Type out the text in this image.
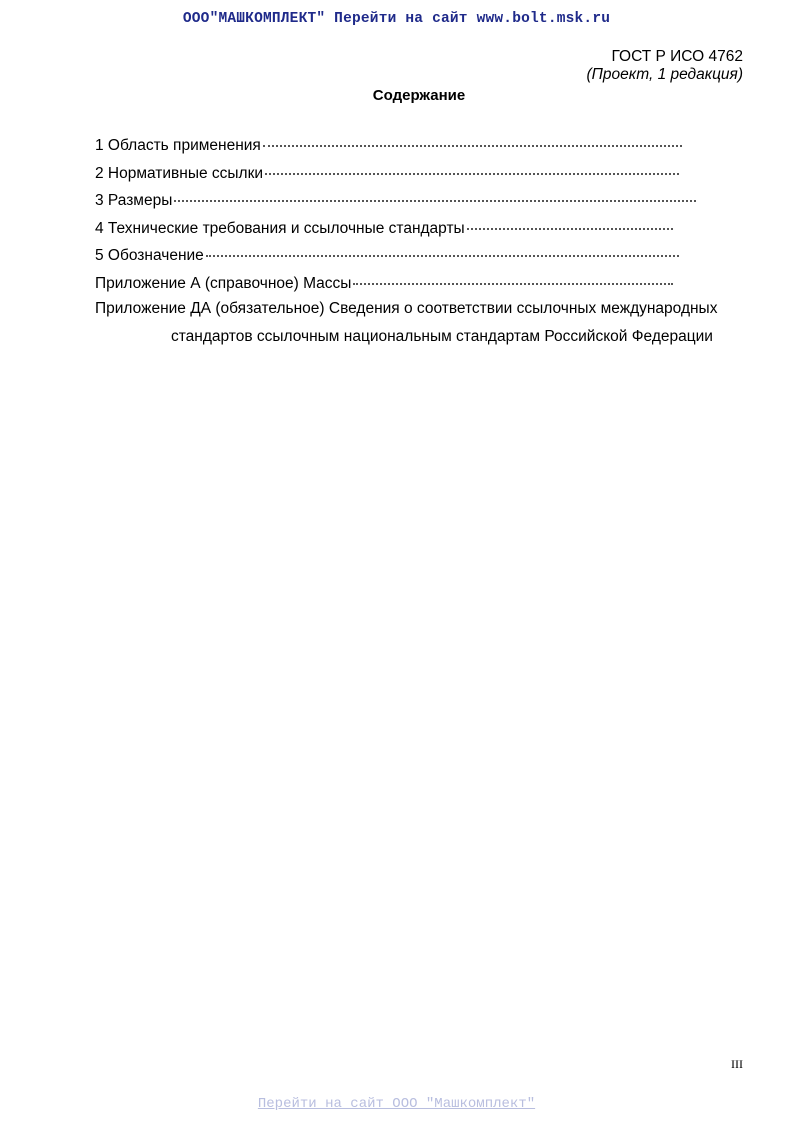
ООО"МАШКОМПЛЕКТ" Перейти на сайт www.bolt.msk.ru
ГОСТ Р ИСО 4762
(Проект, 1 редакция)
Содержание
1 Область применения
2 Нормативные ссылки
3 Размеры
4 Технические требования и ссылочные стандарты
5 Обозначение
Приложение А (справочное) Массы
Приложение ДА (обязательное) Сведения о соответствии ссылочных международных
стандартов ссылочным национальным стандартам Российской Федерации
III
Перейти на сайт ООО "Машкомплект"
